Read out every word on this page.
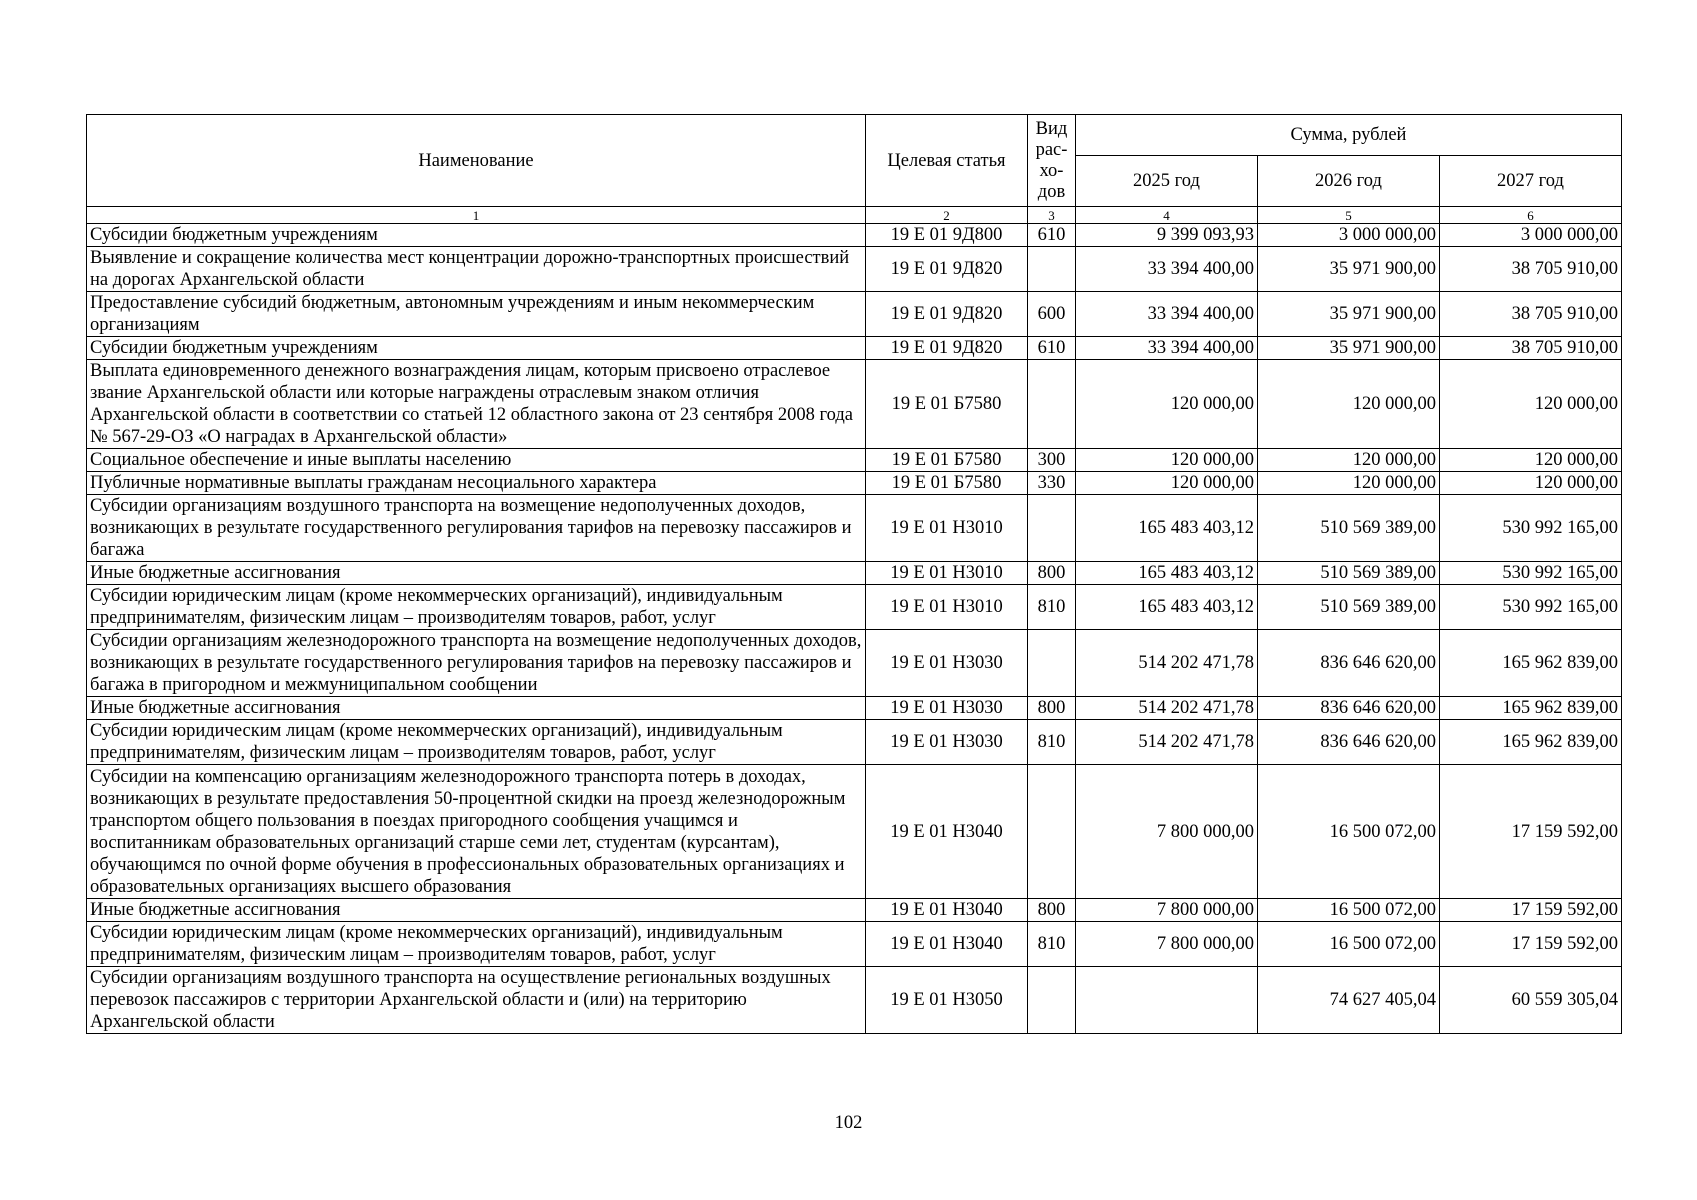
Наименование	Целевая статья	Вид рас-хо-дов	Сумма, рублей		
			2025 год	2026 год	2027 год
1	2	3	4	5	6
Субсидии бюджетным учреждениям	19 Е 01 9Д800	610	9 399 093,93	3 000 000,00	3 000 000,00
Выявление и сокращение количества мест концентрации дорожно-транспортных происшествий на дорогах Архангельской области	19 Е 01 9Д820		33 394 400,00	35 971 900,00	38 705 910,00
Предоставление субсидий бюджетным, автономным учреждениям и иным некоммерческим организациям	19 Е 01 9Д820	600	33 394 400,00	35 971 900,00	38 705 910,00
Субсидии бюджетным учреждениям	19 Е 01 9Д820	610	33 394 400,00	35 971 900,00	38 705 910,00
Выплата единовременного денежного вознаграждения лицам, которым присвоено отраслевое звание Архангельской области или которые награждены отраслевым знаком отличия Архангельской области в соответствии со статьей 12 областного закона от 23 сентября 2008 года № 567-29-ОЗ «О наградах в Архангельской области»	19 Е 01 Б7580		120 000,00	120 000,00	120 000,00
Социальное обеспечение и иные выплаты населению	19 Е 01 Б7580	300	120 000,00	120 000,00	120 000,00
Публичные нормативные выплаты гражданам несоциального характера	19 Е 01 Б7580	330	120 000,00	120 000,00	120 000,00
Субсидии организациям воздушного транспорта на возмещение недополученных доходов, возникающих в результате государственного регулирования тарифов на перевозку пассажиров и багажа	19 Е 01 Н3010		165 483 403,12	510 569 389,00	530 992 165,00
Иные бюджетные ассигнования	19 Е 01 Н3010	800	165 483 403,12	510 569 389,00	530 992 165,00
Субсидии юридическим лицам (кроме некоммерческих организаций), индивидуальным предпринимателям, физическим лицам – производителям товаров, работ, услуг	19 Е 01 Н3010	810	165 483 403,12	510 569 389,00	530 992 165,00
Субсидии организациям железнодорожного транспорта на возмещение недополученных доходов, возникающих в результате государственного регулирования тарифов на перевозку пассажиров и багажа в пригородном и межмуниципальном сообщении	19 Е 01 Н3030		514 202 471,78	836 646 620,00	165 962 839,00
Иные бюджетные ассигнования	19 Е 01 Н3030	800	514 202 471,78	836 646 620,00	165 962 839,00
Субсидии юридическим лицам (кроме некоммерческих организаций), индивидуальным предпринимателям, физическим лицам – производителям товаров, работ, услуг	19 Е 01 Н3030	810	514 202 471,78	836 646 620,00	165 962 839,00
Субсидии на компенсацию организациям железнодорожного транспорта потерь в доходах, возникающих в результате предоставления 50-процентной скидки на проезд железнодорожным транспортом общего пользования в поездах пригородного сообщения учащимся и воспитанникам образовательных организаций старше семи лет, студентам (курсантам), обучающимся по очной форме обучения в профессиональных образовательных организациях и образовательных организациях высшего образования	19 Е 01 Н3040		7 800 000,00	16 500 072,00	17 159 592,00
Иные бюджетные ассигнования	19 Е 01 Н3040	800	7 800 000,00	16 500 072,00	17 159 592,00
Субсидии юридическим лицам (кроме некоммерческих организаций), индивидуальным предпринимателям, физическим лицам – производителям товаров, работ, услуг	19 Е 01 Н3040	810	7 800 000,00	16 500 072,00	17 159 592,00
Субсидии организациям воздушного транспорта на осуществление региональных воздушных перевозок пассажиров с территории Архангельской области и (или) на территорию Архангельской области	19 Е 01 Н3050			74 627 405,04	60 559 305,04
102
